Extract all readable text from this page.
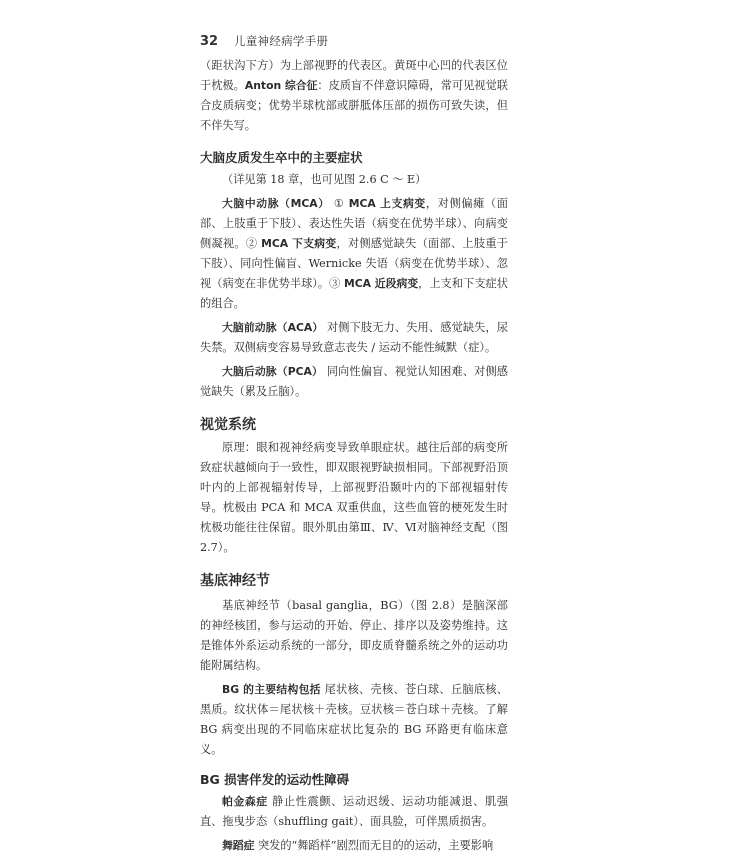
32 儿童神经病学手册

（距状沟下方）为上部视野的代表区。黄斑中心凹的代表区位于枕极。Anton 综合征：皮质盲不伴意识障碍，常可见视觉联合皮质病变；优势半球枕部或胼胝体压部的损伤可致失读，但不伴失写。

大脑皮质发生卒中的主要症状

（详见第 18 章，也可见图 2.6 C ～ E）

大脑中动脉（MCA） ① MCA 上支病变，对侧偏瘫（面部、上肢重于下肢）、表达性失语（病变在优势半球）、向病变侧凝视。② MCA 下支病变，对侧感觉缺失（面部、上肢重于下肢）、同向性偏盲、Wernicke 失语（病变在优势半球）、忽视（病变在非优势半球）。③ MCA 近段病变，上支和下支症状的组合。

大脑前动脉（ACA） 对侧下肢无力、失用、感觉缺失，尿失禁。双侧病变容易导致意志丧失 / 运动不能性缄默（症）。

大脑后动脉（PCA） 同向性偏盲、视觉认知困难、对侧感觉缺失（累及丘脑）。

视觉系统

原理：眼和视神经病变导致单眼症状。越往后部的病变所致症状越倾向于一致性，即双眼视野缺损相同。下部视野沿顶叶内的上部视辐射传导，上部视野沿颞叶内的下部视辐射传导。枕极由 PCA 和 MCA 双重供血，这些血管的梗死发生时枕极功能往往保留。眼外肌由第Ⅲ、Ⅳ、Ⅵ对脑神经支配（图 2.7）。

基底神经节

基底神经节（basal ganglia，BG）（图 2.8）是脑深部的神经核团，参与运动的开始、停止、排序以及姿势维持。这是锥体外系运动系统的一部分，即皮质脊髓系统之外的运动功能附属结构。

BG 的主要结构包括 尾状核、壳核、苍白球、丘脑底核、黑质。纹状体＝尾状核＋壳核。豆状核＝苍白球＋壳核。了解 BG 病变出现的不同临床症状比复杂的 BG 环路更有临床意义。

BG 损害伴发的运动性障碍

帕金森症 静止性震颤、运动迟缓、运动功能减退、肌强直、拖曳步态（shuffling gait）、面具脸，可伴黑质损害。

舞蹈症 突发的“舞蹈样”剧烈而无目的的运动，主要影响
